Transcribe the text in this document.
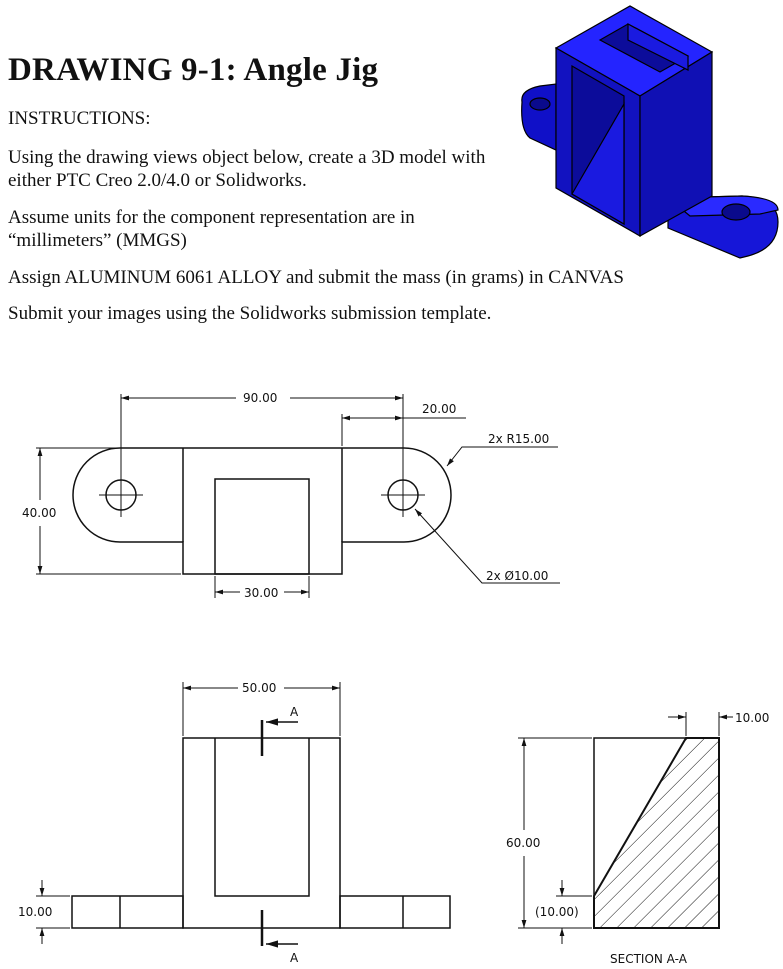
DRAWING 9-1: Angle Jig
INSTRUCTIONS:
Using the drawing views object below, create a 3D model with either PTC Creo 2.0/4.0 or Solidworks.
Assume units for the component representation are in “millimeters” (MMGS)
Assign ALUMINUM 6061 ALLOY and submit the mass (in grams) in CANVAS
Submit your images using the Solidworks submission template.
90.00
20.00
2x R15.00
40.00
30.00
2x Ø10.00
50.00
10.00
A
A
10.00
60.00
(10.00)
SECTION A-A
